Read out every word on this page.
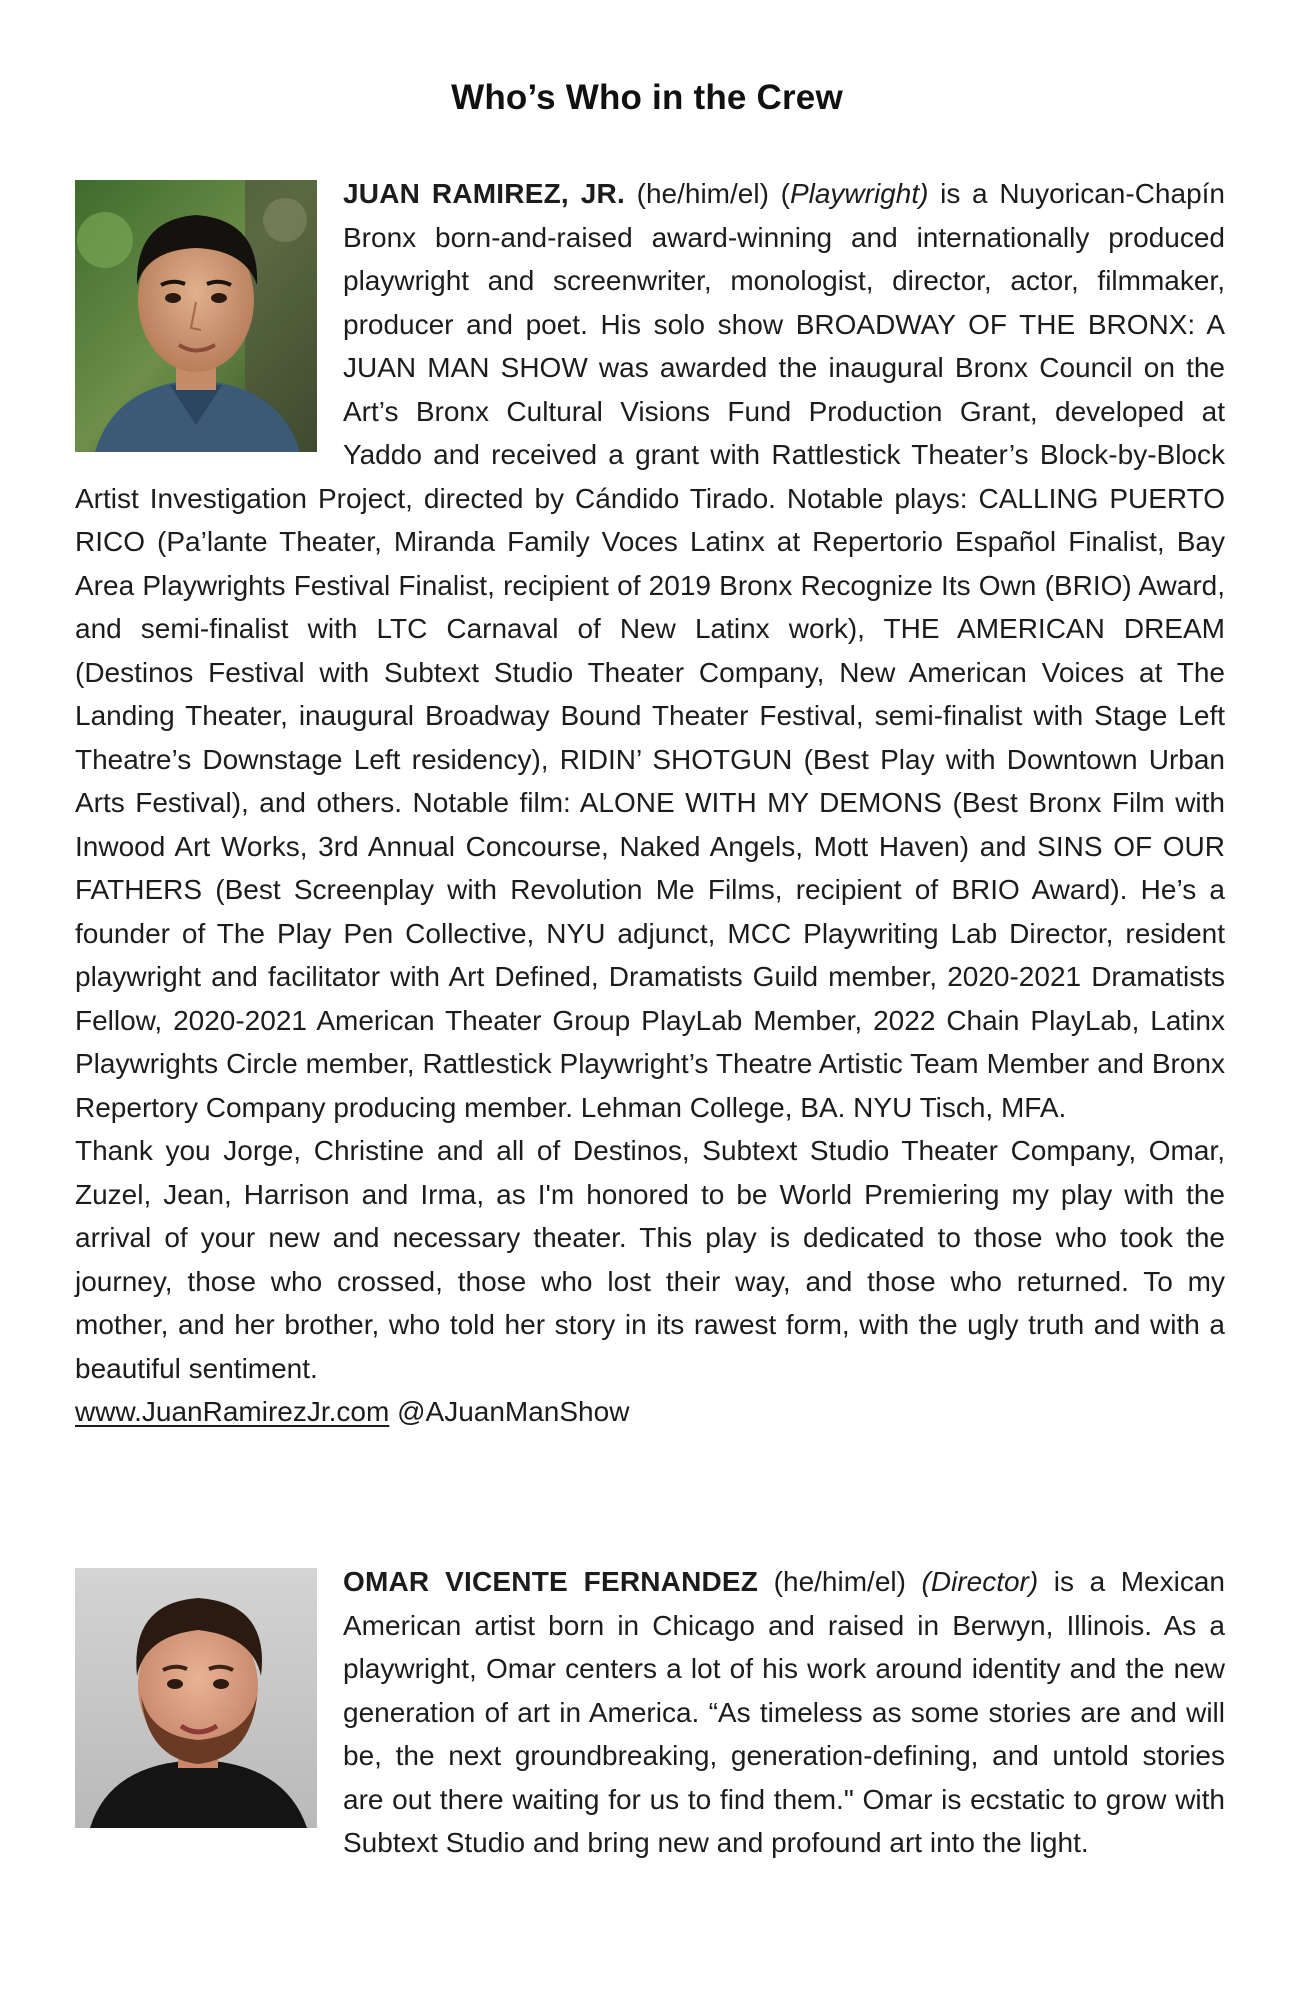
Who’s Who in the Crew
JUAN RAMIREZ, JR. (he/him/el) (Playwright) is a Nuyorican-Chapín Bronx born-and-raised award-winning and internationally produced playwright and screenwriter, monologist, director, actor, filmmaker, producer and poet. His solo show BROADWAY OF THE BRONX: A JUAN MAN SHOW was awarded the inaugural Bronx Council on the Art’s Bronx Cultural Visions Fund Production Grant, developed at Yaddo and received a grant with Rattlestick Theater’s Block-by-Block Artist Investigation Project, directed by Cándido Tirado. Notable plays: CALLING PUERTO RICO (Pa’lante Theater, Miranda Family Voces Latinx at Repertorio Español Finalist, Bay Area Playwrights Festival Finalist, recipient of 2019 Bronx Recognize Its Own (BRIO) Award, and semi-finalist with LTC Carnaval of New Latinx work), THE AMERICAN DREAM (Destinos Festival with Subtext Studio Theater Company, New American Voices at The Landing Theater, inaugural Broadway Bound Theater Festival, semi-finalist with Stage Left Theatre’s Downstage Left residency), RIDIN’ SHOTGUN (Best Play with Downtown Urban Arts Festival), and others. Notable film: ALONE WITH MY DEMONS (Best Bronx Film with Inwood Art Works, 3rd Annual Concourse, Naked Angels, Mott Haven) and SINS OF OUR FATHERS (Best Screenplay with Revolution Me Films, recipient of BRIO Award). He’s a founder of The Play Pen Collective, NYU adjunct, MCC Playwriting Lab Director, resident playwright and facilitator with Art Defined, Dramatists Guild member, 2020-2021 Dramatists Fellow, 2020-2021 American Theater Group PlayLab Member, 2022 Chain PlayLab, Latinx Playwrights Circle member, Rattlestick Playwright’s Theatre Artistic Team Member and Bronx Repertory Company producing member. Lehman College, BA. NYU Tisch, MFA.
Thank you Jorge, Christine and all of Destinos, Subtext Studio Theater Company, Omar, Zuzel, Jean, Harrison and Irma, as I'm honored to be World Premiering my play with the arrival of your new and necessary theater. This play is dedicated to those who took the journey, those who crossed, those who lost their way, and those who returned. To my mother, and her brother, who told her story in its rawest form, with the ugly truth and with a beautiful sentiment.
www.JuanRamirezJr.com @AJuanManShow
OMAR VICENTE FERNANDEZ (he/him/el) (Director) is a Mexican American artist born in Chicago and raised in Berwyn, Illinois. As a playwright, Omar centers a lot of his work around identity and the new generation of art in America. “As timeless as some stories are and will be, the next groundbreaking, generation-defining, and untold stories are out there waiting for us to find them." Omar is ecstatic to grow with Subtext Studio and bring new and profound art into the light.
